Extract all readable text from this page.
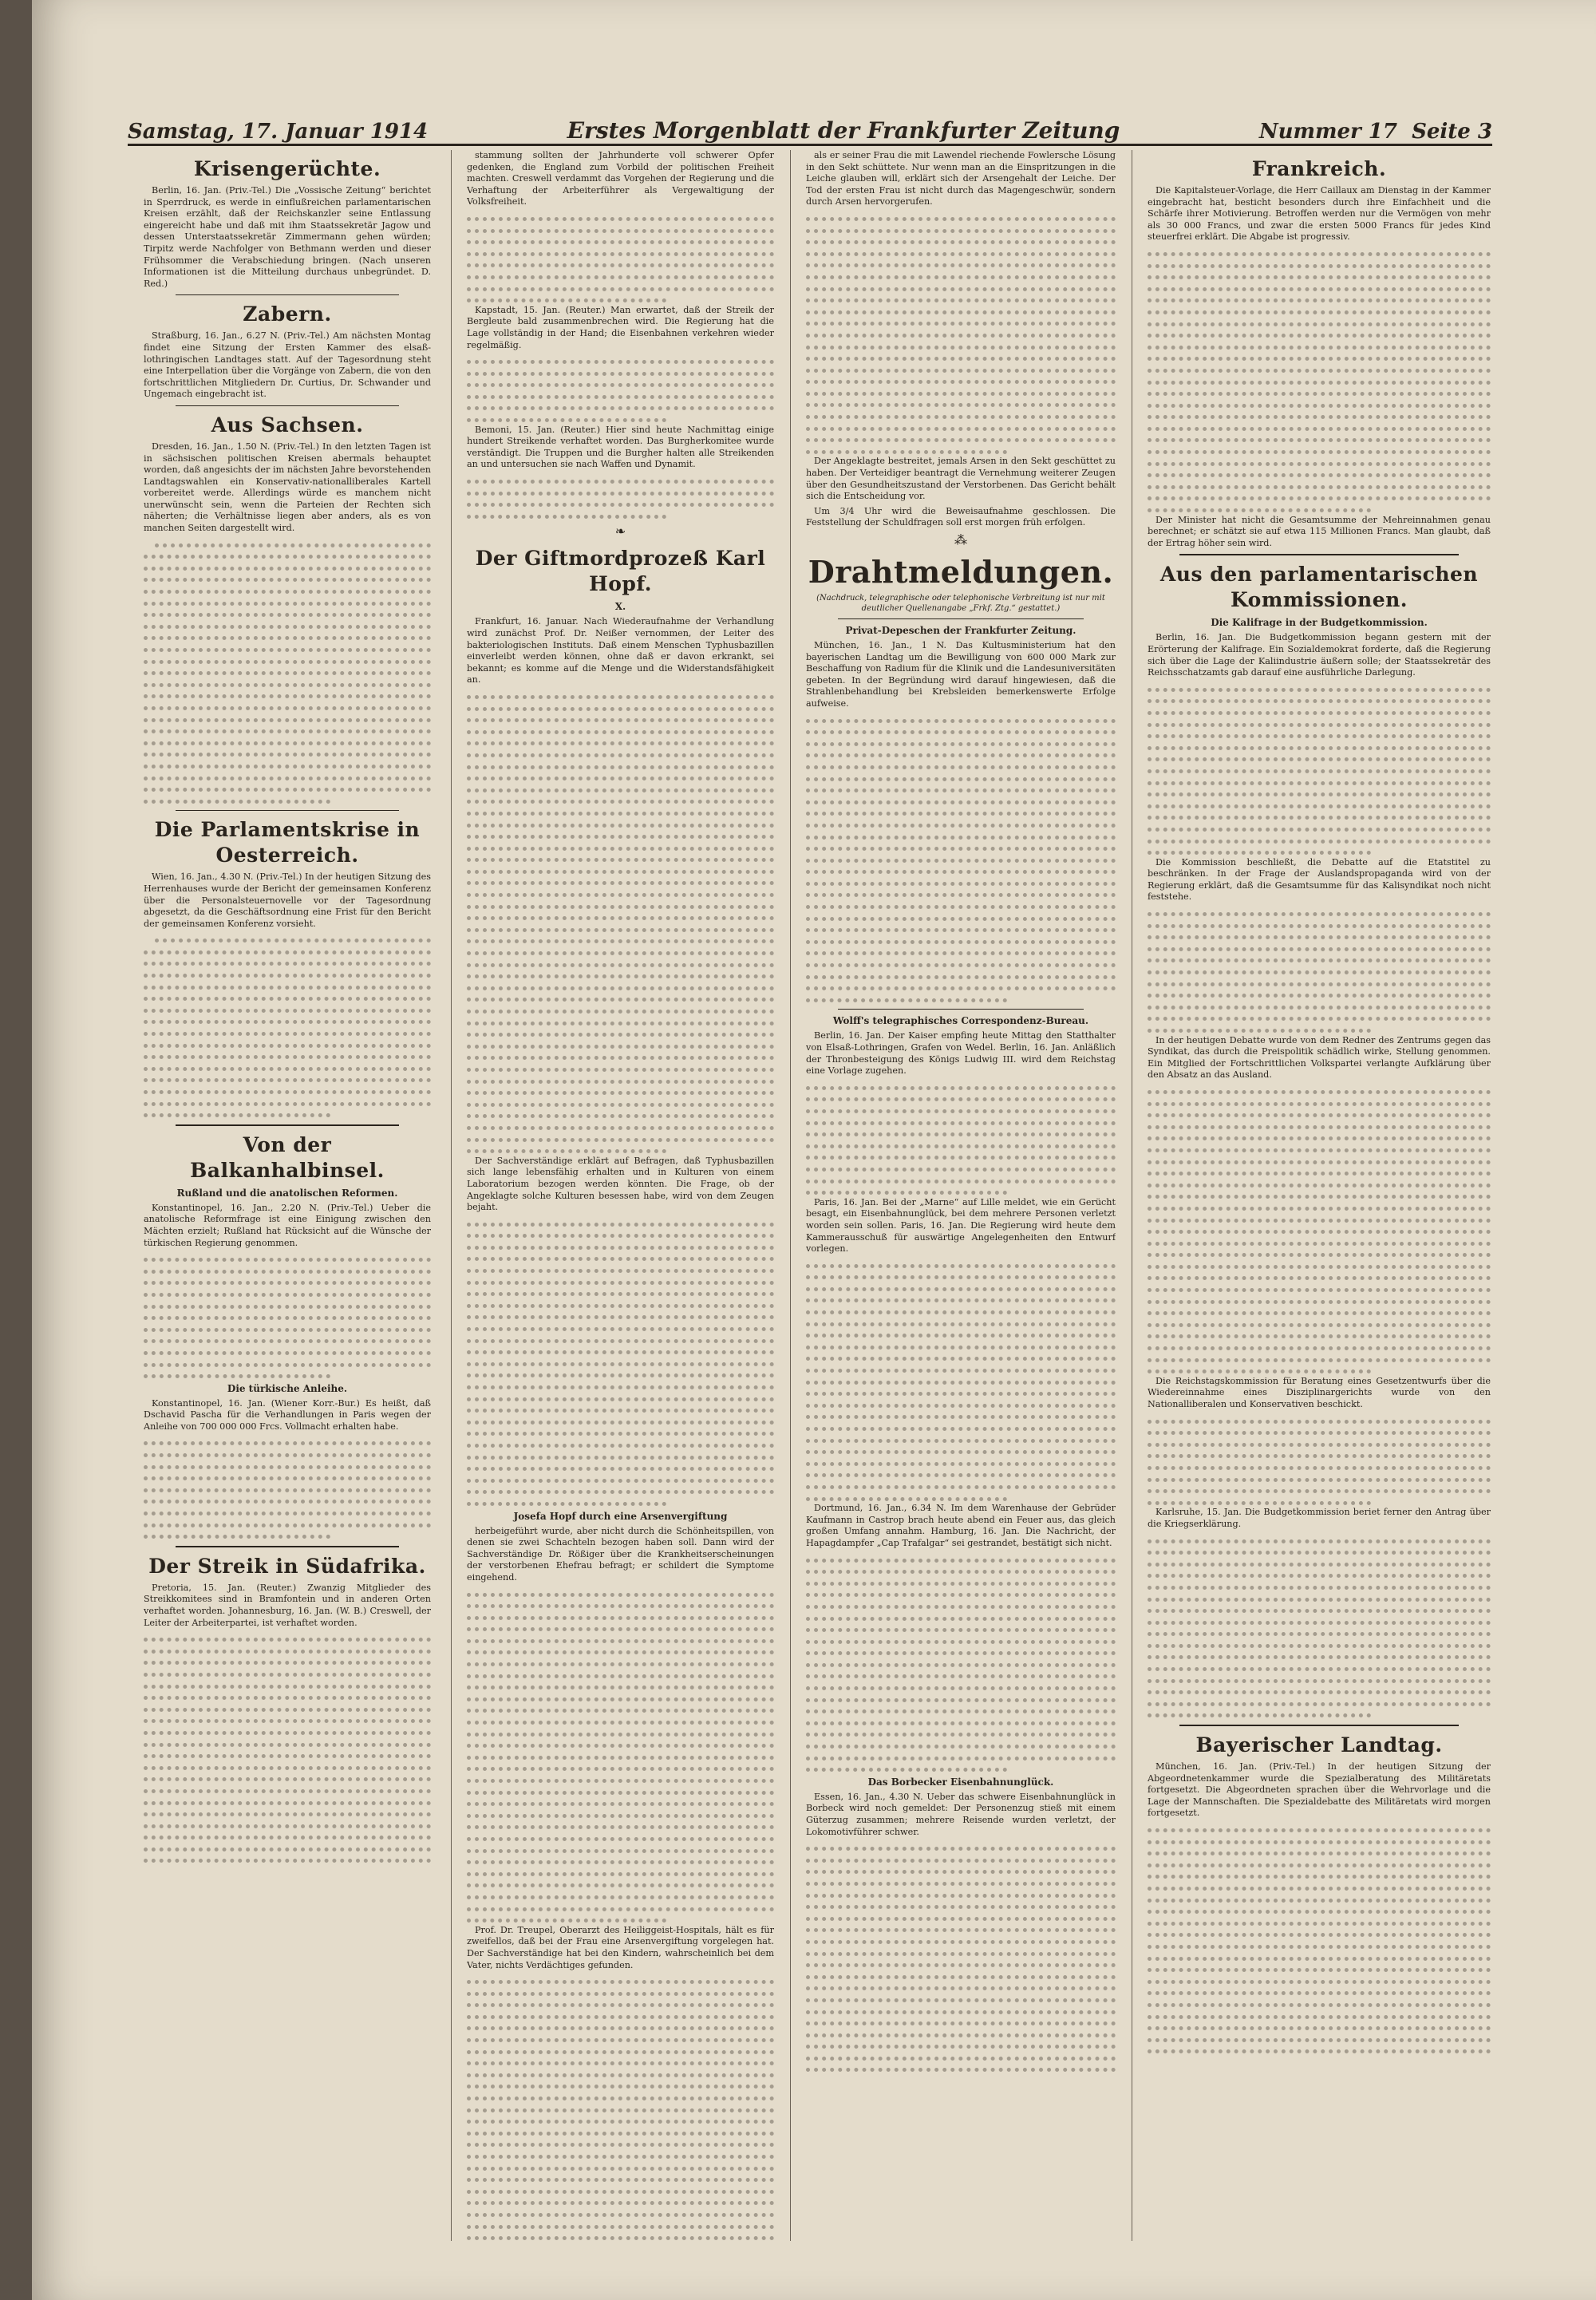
Samstag, 17. Januar 1914	Erstes Morgenblatt der Frankfurter Zeitung	Nummer 17 Seite 3
Krisengerüchte.

Berlin, 16. Jan. (Priv.-Tel.) Die „Vossische Zeitung“ berichtet in Sperrdruck, es werde in einflußreichen parlamentarischen Kreisen erzählt, daß der Reichskanzler seine Entlassung eingereicht habe und daß mit ihm Staatssekretär Jagow und dessen Unterstaatssekretär Zimmermann gehen würden; Tirpitz werde Nachfolger von Bethmann werden und dieser Frühsommer die Verabschiedung bringen. (Nach unseren Informationen ist die Mitteilung durchaus unbegründet. D. Red.)

Zabern.

Straßburg, 16. Jan., 6.27 N. (Priv.-Tel.) Am nächsten Montag findet eine Sitzung der Ersten Kammer des elsaß-lothringischen Landtages statt. Auf der Tagesordnung steht eine Interpellation über die Vorgänge von Zabern, die von den fortschrittlichen Mitgliedern Dr. Curtius, Dr. Schwander und Ungemach eingebracht ist.

Aus Sachsen.

Dresden, 16. Jan., 1.50 N. (Priv.-Tel.) In den letzten Tagen ist in sächsischen politischen Kreisen abermals behauptet worden, daß angesichts der im nächsten Jahre bevorstehenden Landtagswahlen ein Konservativ-nationalliberales Kartell vorbereitet werde. Allerdings würde es manchem nicht unerwünscht sein, wenn die Parteien der Rechten sich näherten; die Verhältnisse liegen aber anders, als es von manchen Seiten dargestellt wird.

Die Parlamentskrise in Oesterreich.

Wien, 16. Jan., 4.30 N. (Priv.-Tel.) In der heutigen Sitzung des Herrenhauses wurde der Bericht der gemeinsamen Konferenz über die Personalsteuernovelle vor der Tagesordnung abgesetzt, da die Geschäftsordnung eine Frist für den Bericht der gemeinsamen Konferenz vorsieht.

Von der Balkanhalbinsel.
Rußland und die anatolischen Reformen.

Konstantinopel, 16. Jan., 2.20 N. (Priv.-Tel.) Ueber die anatolische Reformfrage ist eine Einigung zwischen den Mächten erzielt; Rußland hat Rücksicht auf die Wünsche der türkischen Regierung genommen.

Die türkische Anleihe.

Konstantinopel, 16. Jan. (Wiener Korr.-Bur.) Es heißt, daß Dschavid Pascha für die Verhandlungen in Paris wegen der Anleihe von 700 000 000 Frcs. Vollmacht erhalten habe.

Der Streik in Südafrika.

Pretoria, 15. Jan. (Reuter.) Zwanzig Mitglieder des Streikkomitees sind in Bramfontein und in anderen Orten verhaftet worden. Johannesburg, 16. Jan. (W. B.) Creswell, der Leiter der Arbeiterpartei, ist verhaftet worden.

stammung sollten der Jahrhunderte voll schwerer Opfer gedenken, die England zum Vorbild der politischen Freiheit machten. Creswell verdammt das Vorgehen der Regierung und die Verhaftung der Arbeiterführer als Vergewaltigung der Volksfreiheit.

Kapstadt, 15. Jan. (Reuter.) Man erwartet, daß der Streik der Bergleute bald zusammenbrechen wird. Die Regierung hat die Lage vollständig in der Hand; die Eisenbahnen verkehren wieder regelmäßig.

Bemoni, 15. Jan. (Reuter.) Hier sind heute Nachmittag einige hundert Streikende verhaftet worden. Das Burgherkomitee wurde verständigt. Die Truppen und die Burgher halten alle Streikenden an und untersuchen sie nach Waffen und Dynamit.

❧
Der Giftmordprozeß Karl Hopf.
X.

Frankfurt, 16. Januar. Nach Wiederaufnahme der Verhandlung wird zunächst Prof. Dr. Neißer vernommen, der Leiter des bakteriologischen Instituts. Daß einem Menschen Typhusbazillen einverleibt werden können, ohne daß er davon erkrankt, sei bekannt; es komme auf die Menge und die Widerstandsfähigkeit an.

Der Sachverständige erklärt auf Befragen, daß Typhusbazillen sich lange lebensfähig erhalten und in Kulturen von einem Laboratorium bezogen werden könnten. Die Frage, ob der Angeklagte solche Kulturen besessen habe, wird von dem Zeugen bejaht.

Josefa Hopf durch eine Arsenvergiftung

herbeigeführt wurde, aber nicht durch die Schönheitspillen, von denen sie zwei Schachteln bezogen haben soll. Dann wird der Sachverständige Dr. Rößiger über die Krankheitserscheinungen der verstorbenen Ehefrau befragt; er schildert die Symptome eingehend.

Prof. Dr. Treupel, Oberarzt des Heiliggeist-Hospitals, hält es für zweifellos, daß bei der Frau eine Arsenvergiftung vorgelegen hat. Der Sachverständige hat bei den Kindern, wahrscheinlich bei dem Vater, nichts Verdächtiges gefunden.

als er seiner Frau die mit Lawendel riechende Fowlersche Lösung in den Sekt schüttete. Nur wenn man an die Einspritzungen in die Leiche glauben will, erklärt sich der Arsengehalt der Leiche. Der Tod der ersten Frau ist nicht durch das Magengeschwür, sondern durch Arsen hervorgerufen.

Der Angeklagte bestreitet, jemals Arsen in den Sekt geschüttet zu haben. Der Verteidiger beantragt die Vernehmung weiterer Zeugen über den Gesundheitszustand der Verstorbenen. Das Gericht behält sich die Entscheidung vor.

Um 3/4 Uhr wird die Beweisaufnahme geschlossen. Die Feststellung der Schuldfragen soll erst morgen früh erfolgen.

⁂
Drahtmeldungen.
(Nachdruck, telegraphische oder telephonische Verbreitung ist nur mit deutlicher Quellenangabe „Frkf. Ztg.“ gestattet.)
Privat-Depeschen der Frankfurter Zeitung.

München, 16. Jan., 1 N. Das Kultusministerium hat den bayerischen Landtag um die Bewilligung von 600 000 Mark zur Beschaffung von Radium für die Klinik und die Landesuniversitäten gebeten. In der Begründung wird darauf hingewiesen, daß die Strahlenbehandlung bei Krebsleiden bemerkenswerte Erfolge aufweise.

Wolff's telegraphisches Correspondenz-Bureau.

Berlin, 16. Jan. Der Kaiser empfing heute Mittag den Statthalter von Elsaß-Lothringen, Grafen von Wedel. Berlin, 16. Jan. Anläßlich der Thronbesteigung des Königs Ludwig III. wird dem Reichstag eine Vorlage zugehen.

Paris, 16. Jan. Bei der „Marne“ auf Lille meldet, wie ein Gerücht besagt, ein Eisenbahnunglück, bei dem mehrere Personen verletzt worden sein sollen. Paris, 16. Jan. Die Regierung wird heute dem Kammerausschuß für auswärtige Angelegenheiten den Entwurf vorlegen.

Dortmund, 16. Jan., 6.34 N. Im dem Warenhause der Gebrüder Kaufmann in Castrop brach heute abend ein Feuer aus, das gleich großen Umfang annahm. Hamburg, 16. Jan. Die Nachricht, der Hapagdampfer „Cap Trafalgar“ sei gestrandet, bestätigt sich nicht.

Das Borbecker Eisenbahnunglück.

Essen, 16. Jan., 4.30 N. Ueber das schwere Eisenbahnunglück in Borbeck wird noch gemeldet: Der Personenzug stieß mit einem Güterzug zusammen; mehrere Reisende wurden verletzt, der Lokomotivführer schwer.

Frankreich.

Die Kapitalsteuer-Vorlage, die Herr Caillaux am Dienstag in der Kammer eingebracht hat, besticht besonders durch ihre Einfachheit und die Schärfe ihrer Motivierung. Betroffen werden nur die Vermögen von mehr als 30 000 Francs, und zwar die ersten 5000 Francs für jedes Kind steuerfrei erklärt. Die Abgabe ist progressiv.

Der Minister hat nicht die Gesamtsumme der Mehreinnahmen genau berechnet; er schätzt sie auf etwa 115 Millionen Francs. Man glaubt, daß der Ertrag höher sein wird.

Aus den parlamentarischen Kommissionen.
Die Kalifrage in der Budgetkommission.

Berlin, 16. Jan. Die Budgetkommission begann gestern mit der Erörterung der Kalifrage. Ein Sozialdemokrat forderte, daß die Regierung sich über die Lage der Kaliindustrie äußern solle; der Staatssekretär des Reichsschatzamts gab darauf eine ausführliche Darlegung.

Die Kommission beschließt, die Debatte auf die Etatstitel zu beschränken. In der Frage der Auslandspropaganda wird von der Regierung erklärt, daß die Gesamtsumme für das Kalisyndikat noch nicht feststehe.

In der heutigen Debatte wurde von dem Redner des Zentrums gegen das Syndikat, das durch die Preispolitik schädlich wirke, Stellung genommen. Ein Mitglied der Fortschrittlichen Volkspartei verlangte Aufklärung über den Absatz an das Ausland.

Die Reichstagskommission für Beratung eines Gesetzentwurfs über die Wiedereinnahme eines Disziplinargerichts wurde von den Nationalliberalen und Konservativen beschickt.

Karlsruhe, 15. Jan. Die Budgetkommission beriet ferner den Antrag über die Kriegserklärung.

Bayerischer Landtag.

München, 16. Jan. (Priv.-Tel.) In der heutigen Sitzung der Abgeordnetenkammer wurde die Spezialberatung des Militäretats fortgesetzt. Die Abgeordneten sprachen über die Wehrvorlage und die Lage der Mannschaften. Die Spezialdebatte des Militäretats wird morgen fortgesetzt.
